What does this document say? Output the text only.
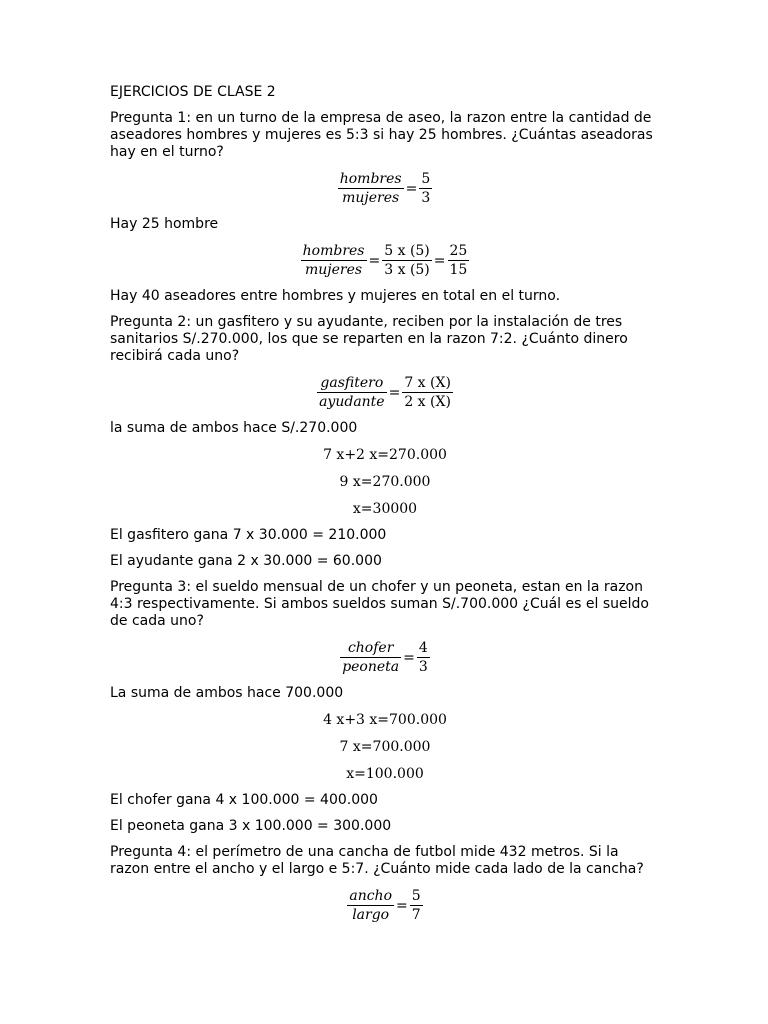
EJERCICIOS DE CLASE 2

Pregunta 1: en un turno de la empresa de aseo, la razon entre la cantidad de aseadores hombres y mujeres es 5:3 si hay 25 hombres. ¿Cuántas aseadoras hay en el turno?

$\frac{\text{hombres}}{\text{mujeres}} = \frac{5}{3}$

Hay 25 hombre

$\frac{\text{hombres}}{\text{mujeres}} = \frac{5 x (5)}{3 x (5)} = \frac{25}{15}$

Hay 40 aseadores entre hombres y mujeres en total en el turno.

Pregunta 2: un gasfitero y su ayudante, reciben por la instalación de tres sanitarios S/.270.000, los que se reparten en la razon 7:2. ¿Cuánto dinero recibirá cada uno?

$\frac{\text{gasfitero}}{\text{ayudante}} = \frac{7 x (X)}{2 x (X)}$

la suma de ambos hace S/.270.000

7 x+2 x=270.000
9 x=270.000
x=30000

El gasfitero gana 7 x 30.000 = 210.000

El ayudante gana 2 x 30.000 = 60.000

Pregunta 3: el sueldo mensual de un chofer y un peoneta, estan en la razon 4:3 respectivamente. Si ambos sueldos suman S/.700.000 ¿Cuál es el sueldo de cada uno?

$\frac{\text{chofer}}{\text{peoneta}} = \frac{4}{3}$

La suma de ambos hace 700.000

4 x+3 x=700.000
7 x=700.000
x=100.000

El chofer gana 4 x 100.000 = 400.000

El peoneta gana 3 x 100.000 = 300.000

Pregunta 4: el perímetro de una cancha de futbol mide 432 metros. Si la razon entre el ancho y el largo e 5:7. ¿Cuánto mide cada lado de la cancha?

$\frac{\text{ancho}}{\text{largo}} = \frac{5}{7}$
